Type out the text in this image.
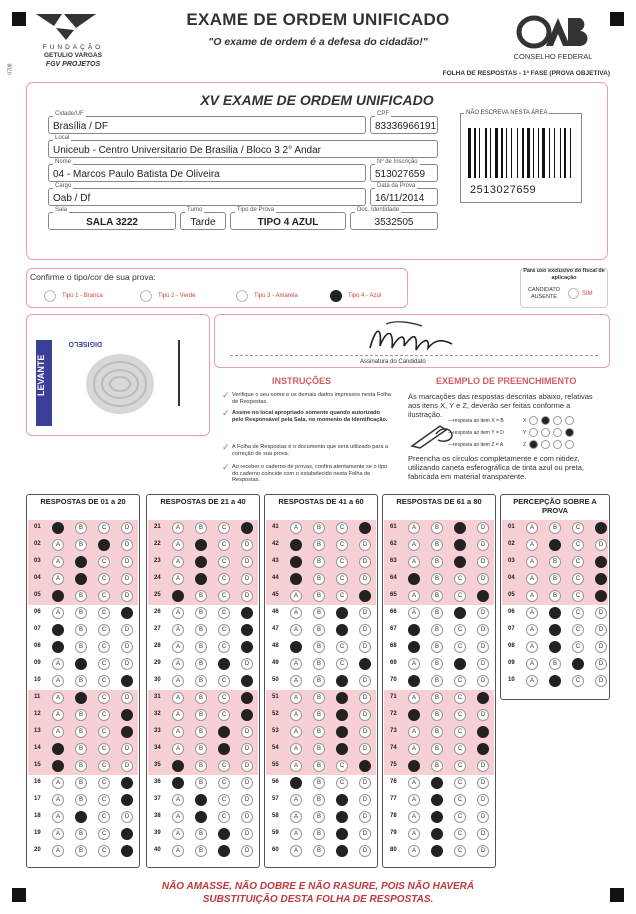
FUNDAÇÃO
GETULIO VARGAS
FGV PROJETOS
0708
EXAME DE ORDEM UNIFICADO
"O exame de ordem é a defesa do cidadão!"
CONSELHO FEDERAL
FOLHA DE RESPOSTAS - 1ª FASE (PROVA OBJETIVA)
XV EXAME DE ORDEM UNIFICADO
Cidade/UF
Brasília / DF
CPF
83336966191
Local
Uniceub - Centro Universitario De Brasilia / Bloco 3 2° Andar
Nome
04 - Marcos Paulo Batista De Oliveira
Nº de Inscrição
513027659
Cargo
Oab / Df
Data da Prova
16/11/2014
Sala
SALA 3222
Turno
Tarde
Tipo de Prova
TIPO 4 AZUL
Doc. Identidade
3532505
NÃO ESCREVA NESTA ÁREA
2513027659
Confirme o tipo/cor de sua prova:
Tipo 1 - Branca	Tipo 2 - Verde	Tipo 3 - Amarela	Tipo 4 - Azul
Para uso exclusivo do fiscal de aplicação
CANDIDATO AUSENTE	SIM
LEVANTE
DIGISELO
Assinatura do Candidato
INSTRUÇÕES
✓ Verifique o seu nome e os demais dados impressos nesta Folha de Respostas.
✓ Assine no local apropriado somente quando autorizado pelo Responsável pela Sala, no momento da identificação.
✓ A Folha de Respostas é o documento que será utilizado para a correção de sua prova.
✓ Ao receber o caderno de provas, confira atentamente se o tipo do caderno coincide com o estabelecido nesta Folha de Respostas.
EXEMPLO DE PREENCHIMENTO
As marcações das respostas descritas abaixo, relativas aos itens X, Y e Z, deverão ser feitas conforme a ilustração.
—resposta ao item X = B	X
—resposta ao item Y = D	Y
—resposta ao item Z = A	Z
Preencha os círculos completamente e com nitidez, utilizando caneta esferográfica de tinta azul ou preta, fabricada em material transparente.
RESPOSTAS DE 01 a 20
01	A	B	C	D
02	A	B	C	D
03	A	B	C	D
04	A	B	C	D
05	A	B	C	D
06	A	B	C	D
07	A	B	C	D
08	A	B	C	D
09	A	B	C	D
10	A	B	C	D
11	A	B	C	D
12	A	B	C	D
13	A	B	C	D
14	A	B	C	D
15	A	B	C	D
16	A	B	C	D
17	A	B	C	D
18	A	B	C	D
19	A	B	C	D
20	A	B	C	D
RESPOSTAS DE 21 a 40
21	A	B	C	D
22	A	B	C	D
23	A	B	C	D
24	A	B	C	D
25	A	B	C	D
26	A	B	C	D
27	A	B	C	D
28	A	B	C	D
29	A	B	C	D
30	A	B	C	D
31	A	B	C	D
32	A	B	C	D
33	A	B	C	D
34	A	B	C	D
35	A	B	C	D
36	A	B	C	D
37	A	B	C	D
38	A	B	C	D
39	A	B	C	D
40	A	B	C	D
RESPOSTAS DE 41 a 60
41	A	B	C	D
42	A	B	C	D
43	A	B	C	D
44	A	B	C	D
45	A	B	C	D
46	A	B	C	D
47	A	B	C	D
48	A	B	C	D
49	A	B	C	D
50	A	B	C	D
51	A	B	C	D
52	A	B	C	D
53	A	B	C	D
54	A	B	C	D
55	A	B	C	D
56	A	B	C	D
57	A	B	C	D
58	A	B	C	D
59	A	B	C	D
60	A	B	C	D
RESPOSTAS DE 61 a 80
61	A	B	C	D
62	A	B	C	D
63	A	B	C	D
64	A	B	C	D
65	A	B	C	D
66	A	B	C	D
67	A	B	C	D
68	A	B	C	D
69	A	B	C	D
70	A	B	C	D
71	A	B	C	D
72	A	B	C	D
73	A	B	C	D
74	A	B	C	D
75	A	B	C	D
76	A	B	C	D
77	A	B	C	D
78	A	B	C	D
79	A	B	C	D
80	A	B	C	D
PERCEPÇÃO SOBRE A PROVA
01	A	B	C	D
02	A	B	C	D
03	A	B	C	D
04	A	B	C	D
05	A	B	C	D
06	A	B	C	D
07	A	B	C	D
08	A	B	C	D
09	A	B	C	D
10	A	B	C	D
NÃO AMASSE, NÃO DOBRE E NÃO RASURE, POIS NÃO HAVERÁ
SUBSTITUIÇÃO DESTA FOLHA DE RESPOSTAS.
